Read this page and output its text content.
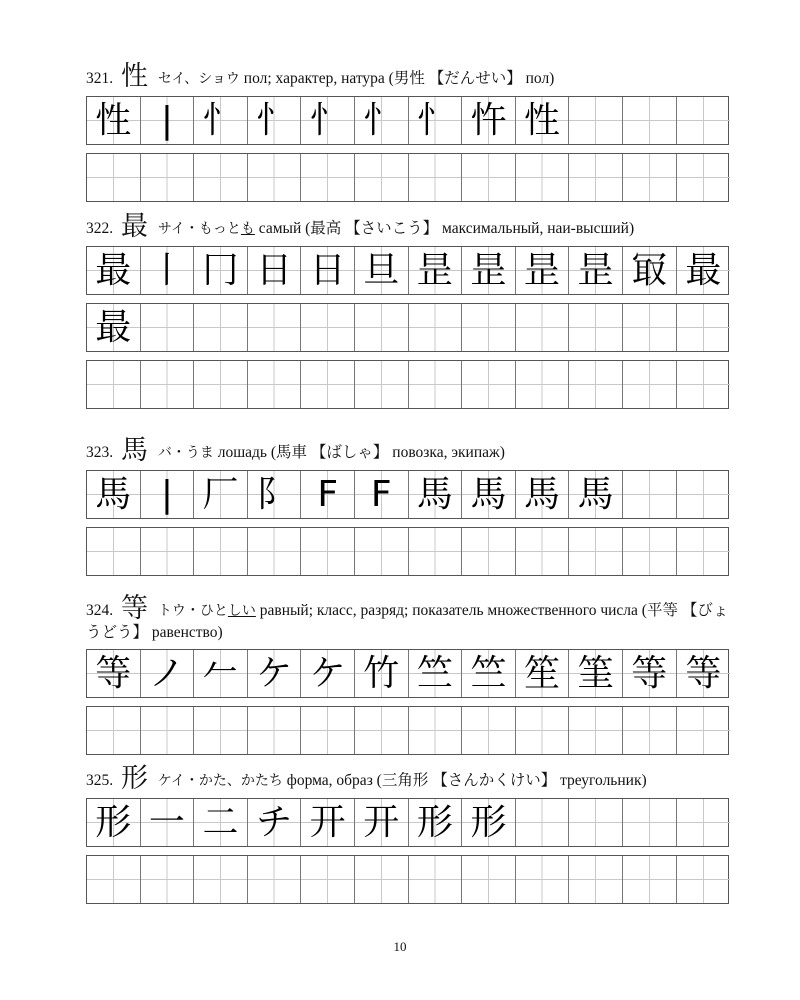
321. 性 セイ、ショウ пол; характер, натура (男性 【だんせい】 пол)
性 | 忄 忄 忄 忄 忄 忤 性
322. 最 サイ・もっとも самый (最高 【さいこう】 максимальный, наи-высший)
最 丨 冂 日 日 旦 昰 昰 昰 昰 冣 最
最
323. 馬 バ・うま лошадь (馬車 【ばしゃ】 повозка, экипаж)
馬 | 厂 阝 F F 馬 馬 馬 馬
324. 等 トウ・ひとしい равный; класс, разряд; показатель множественного числа (平等 【びょうどう】 равенство)
等 ノ 𠂉 ケ ケ 竹 竺 竺 笙 筀 等 等
325. 形 ケイ・かた、かたち форма, образ (三角形 【さんかくけい】 треугольник)
形 一 二 チ 开 开 形 形
10
